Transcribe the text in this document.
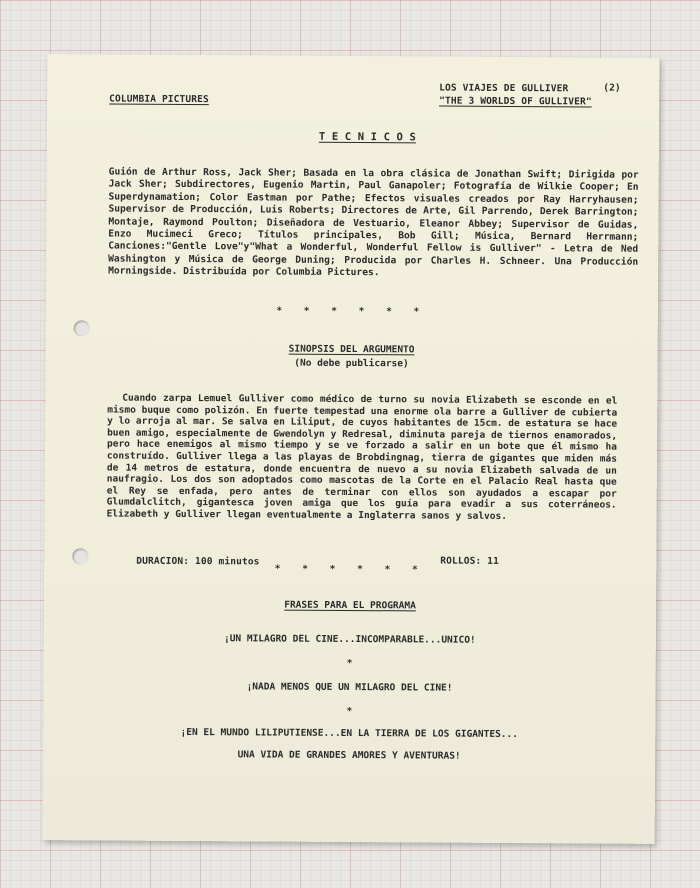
COLUMBIA PICTURES
LOS VIAJES DE GULLIVER	(2)
"THE 3 WORLDS OF GULLIVER"
T E C N I C O S
Guión de Arthur Ross, Jack Sher; Basada en la obra clásica de Jonathan Swift; Dirigida por Jack Sher; Subdirectores, Eugenio Martin, Paul Ganapoler; Fotografía de Wilkie Cooper; En Superdynamation; Color Eastman por Pathe; Efectos visuales creados por Ray Harryhausen; Supervisor de Producción, Luis Roberts; Directores de Arte, Gil Parrendo, Derek Barrington; Montaje, Raymond Poulton; Diseñadora de Vestuario, Eleanor Abbey; Supervisor de Guidas, Enzo Mucimeci Greco; Títulos principales, Bob Gill; Música, Bernard Herrmann; Canciones:"Gentle Love"y"What a Wonderful, Wonderful Fellow is Gulliver" - Letra de Ned Washington y Música de George Duning; Producida por Charles H. Schneer. Una Producción Morningside. Distribuída por Columbia Pictures.
* * * * * *
SINOPSIS DEL ARGUMENTO
(No debe publicarse)
Cuando zarpa Lemuel Gulliver como médico de turno su novia Elizabeth se esconde en el mismo buque como polizón. En fuerte tempestad una enorme ola barre a Gulliver de cubierta y lo arroja al mar. Se salva en Liliput, de cuyos habitantes de 15cm. de estatura se hace buen amigo, especialmente de Gwendolyn y Redresal, diminuta pareja de tiernos enamorados, pero hace enemigos al mismo tiempo y se ve forzado a salir en un bote que él mismo ha construído. Gulliver llega a las playas de Brobdingnag, tierra de gigantes que miden más de 14 metros de estatura, donde encuentra de nuevo a su novia Elizabeth salvada de un naufragio. Los dos son adoptados como mascotas de la Corte en el Palacio Real hasta que el Rey se enfada, pero antes de terminar con ellos son ayudados a escapar por Glumdalclitch, gigantesca joven amiga que los guía para evadir a sus coterráneos. Elizabeth y Gulliver llegan eventualmente a Inglaterra sanos y salvos.
DURACION: 100 minutos	ROLLOS: 11
* * * * * *
FRASES PARA EL PROGRAMA
¡UN MILAGRO DEL CINE...INCOMPARABLE...UNICO!
*
¡NADA MENOS QUE UN MILAGRO DEL CINE!
*
¡EN EL MUNDO LILIPUTIENSE...EN LA TIERRA DE LOS GIGANTES...
UNA VIDA DE GRANDES AMORES Y AVENTURAS!
